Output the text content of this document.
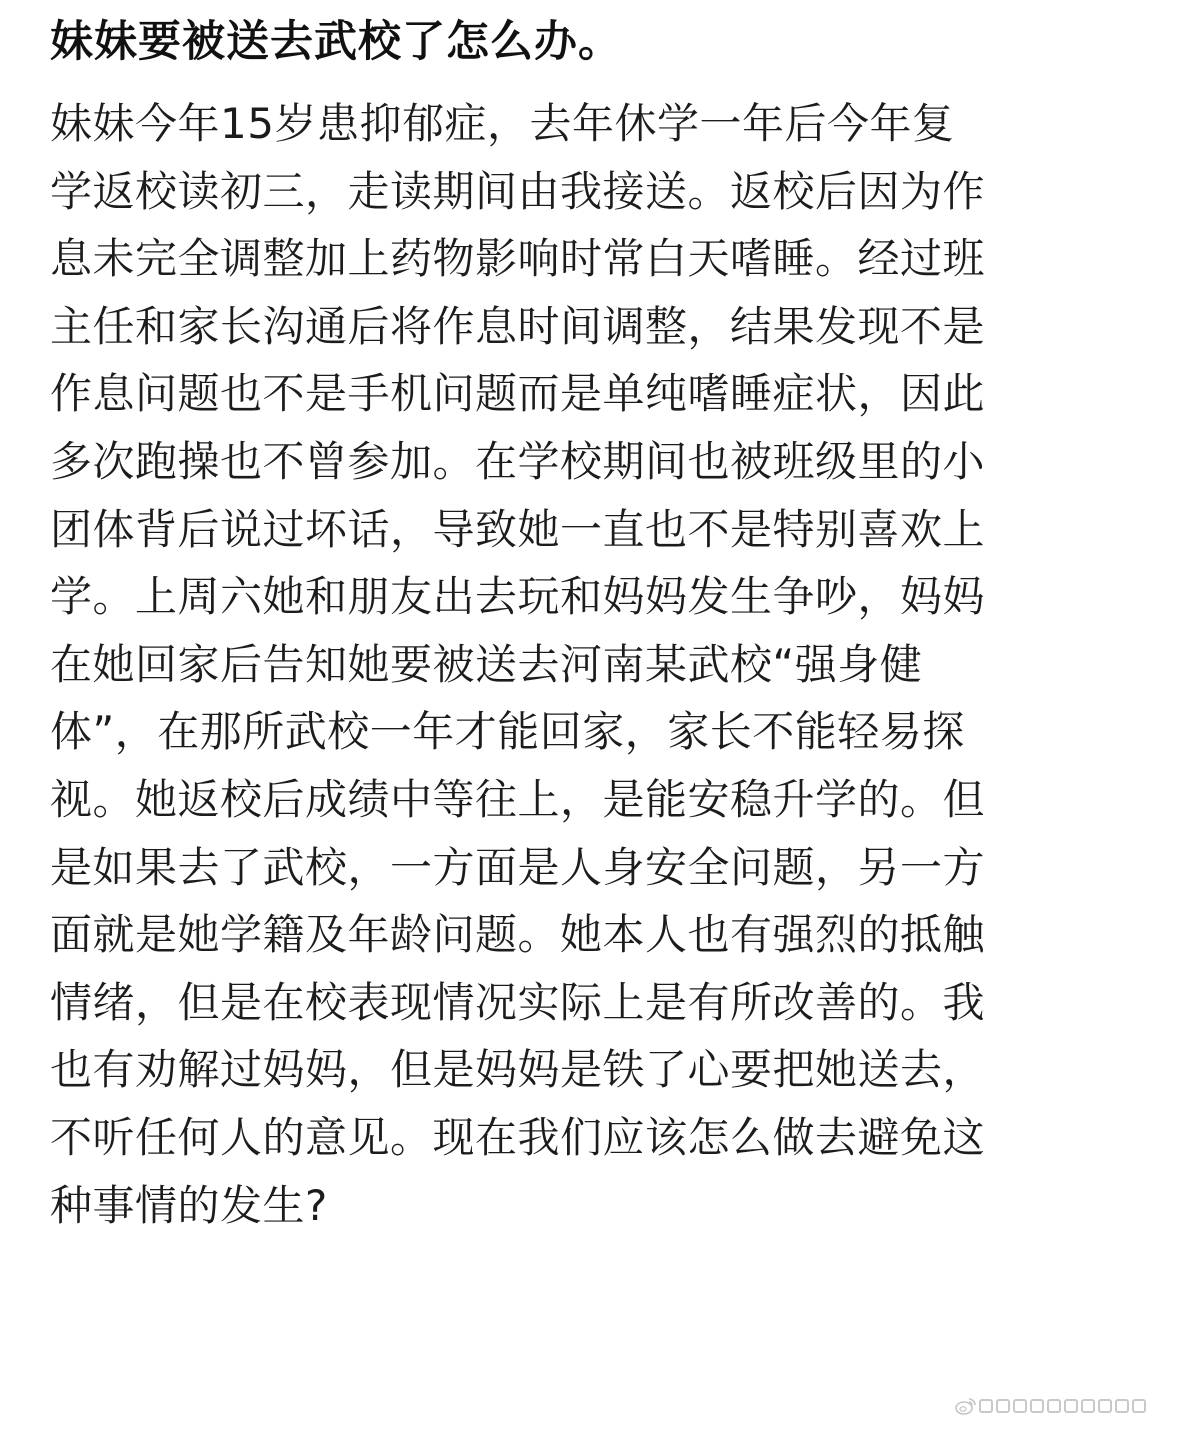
妹妹要被送去武校了怎么办。
妹妹今年15岁患抑郁症，去年休学一年后今年复
学返校读初三，走读期间由我接送。返校后因为作
息未完全调整加上药物影响时常白天嗜睡。经过班
主任和家长沟通后将作息时间调整，结果发现不是
作息问题也不是手机问题而是单纯嗜睡症状，因此
多次跑操也不曾参加。在学校期间也被班级里的小
团体背后说过坏话，导致她一直也不是特别喜欢上
学。上周六她和朋友出去玩和妈妈发生争吵，妈妈
在她回家后告知她要被送去河南某武校“强身健
体”，在那所武校一年才能回家，家长不能轻易探
视。她返校后成绩中等往上，是能安稳升学的。但
是如果去了武校，一方面是人身安全问题，另一方
面就是她学籍及年龄问题。她本人也有强烈的抵触
情绪，但是在校表现情况实际上是有所改善的。我
也有劝解过妈妈，但是妈妈是铁了心要把她送去，
不听任何人的意见。现在我们应该怎么做去避免这
种事情的发生?
